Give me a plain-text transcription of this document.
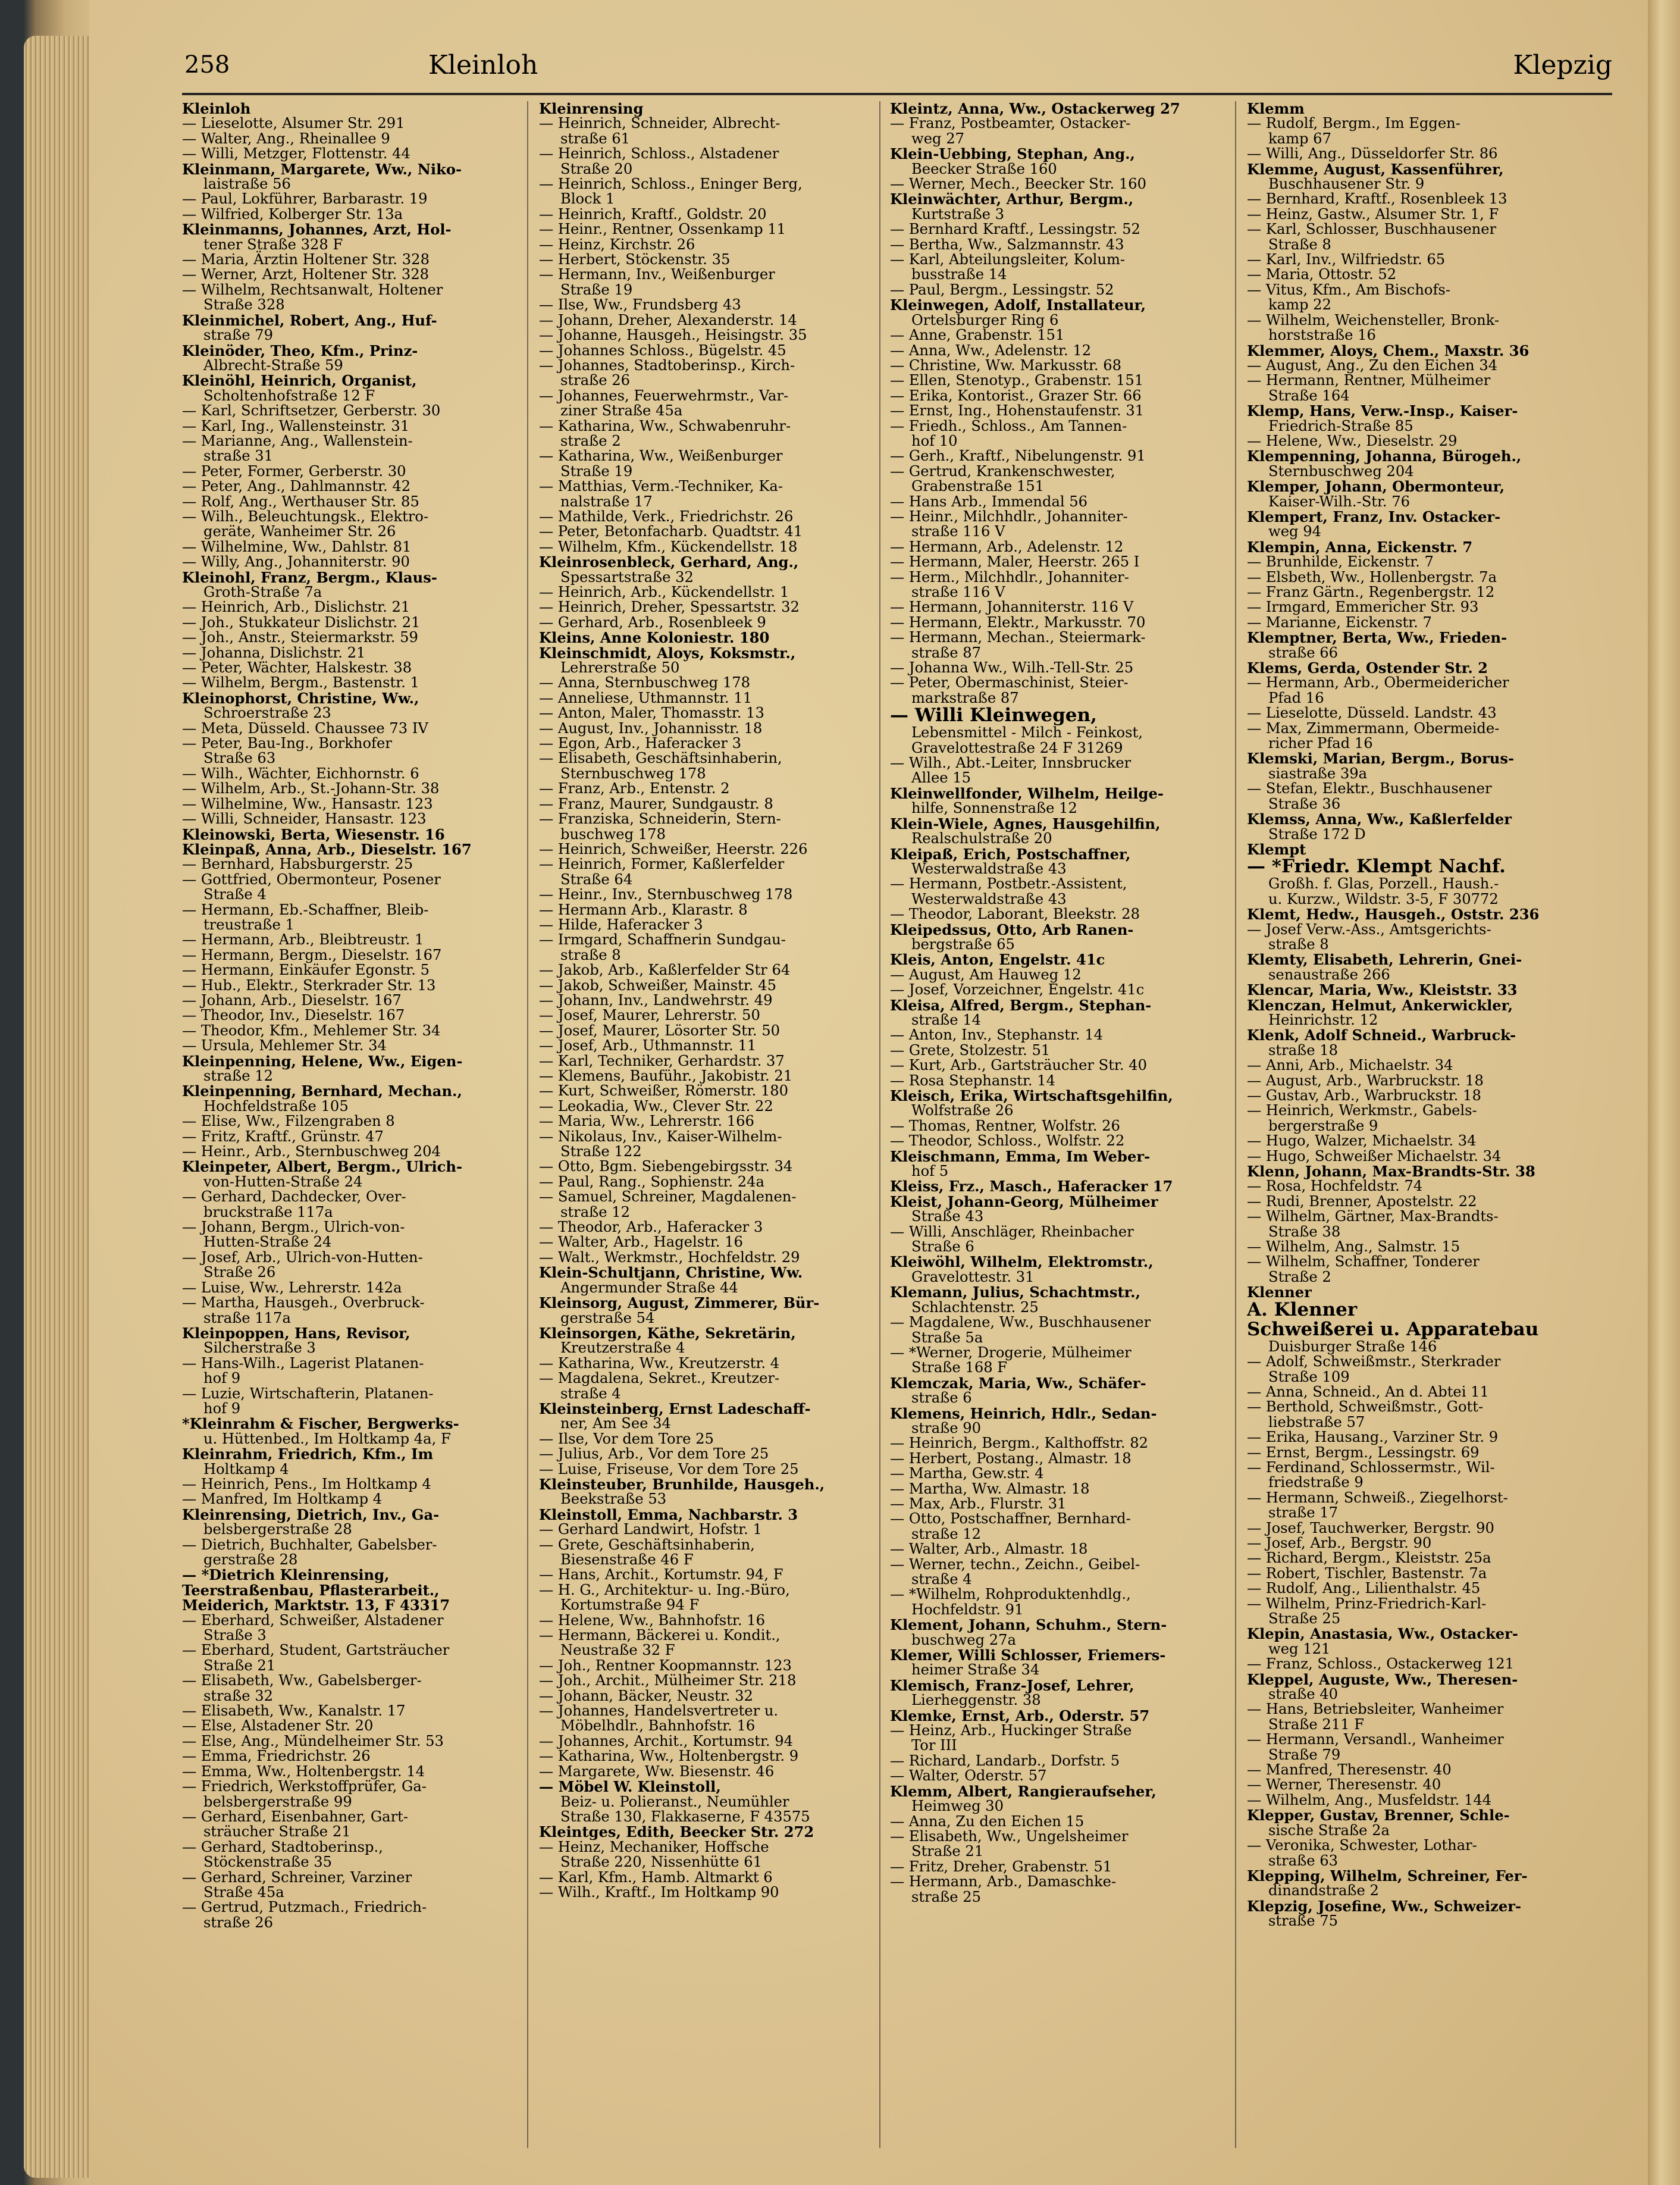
258	Kleinloh	Klepzig

Kleinloh

— Lieselotte, Alsumer Str. 291

— Walter, Ang., Rheinallee 9

— Willi, Metzger, Flottenstr. 44

Kleinmann, Margarete, Ww., Niko-

laistraße 56

— Paul, Lokführer, Barbarastr. 19

— Wilfried, Kolberger Str. 13a

Kleinmanns, Johannes, Arzt, Hol-

tener Straße 328 F

— Maria, Ärztin Holtener Str. 328

— Werner, Arzt, Holtener Str. 328

— Wilhelm, Rechtsanwalt, Holtener

Straße 328

Kleinmichel, Robert, Ang., Huf-

straße 79

Kleinöder, Theo, Kfm., Prinz-

Albrecht-Straße 59

Kleinöhl, Heinrich, Organist,

Scholtenhofstraße 12 F

— Karl, Schriftsetzer, Gerberstr. 30

— Karl, Ing., Wallensteinstr. 31

— Marianne, Ang., Wallenstein-

straße 31

— Peter, Former, Gerberstr. 30

— Peter, Ang., Dahlmannstr. 42

— Rolf, Ang., Werthauser Str. 85

— Wilh., Beleuchtungsk., Elektro-

geräte, Wanheimer Str. 26

— Wilhelmine, Ww., Dahlstr. 81

— Willy, Ang., Johanniterstr. 90

Kleinohl, Franz, Bergm., Klaus-

Groth-Straße 7a

— Heinrich, Arb., Dislichstr. 21

— Joh., Stukkateur Dislichstr. 21

— Joh., Anstr., Steiermarkstr. 59

— Johanna, Dislichstr. 21

— Peter, Wächter, Halskestr. 38

— Wilhelm, Bergm., Bastenstr. 1

Kleinophorst, Christine, Ww.,

Schroerstraße 23

— Meta, Düsseld. Chaussee 73 IV

— Peter, Bau-Ing., Borkhofer

Straße 63

— Wilh., Wächter, Eichhornstr. 6

— Wilhelm, Arb., St.-Johann-Str. 38

— Wilhelmine, Ww., Hansastr. 123

— Willi, Schneider, Hansastr. 123

Kleinowski, Berta, Wiesenstr. 16

Kleinpaß, Anna, Arb., Dieselstr. 167

— Bernhard, Habsburgerstr. 25

— Gottfried, Obermonteur, Posener

Straße 4

— Hermann, Eb.-Schaffner, Bleib-

treustraße 1

— Hermann, Arb., Bleibtreustr. 1

— Hermann, Bergm., Dieselstr. 167

— Hermann, Einkäufer Egonstr. 5

— Hub., Elektr., Sterkrader Str. 13

— Johann, Arb., Dieselstr. 167

— Theodor, Inv., Dieselstr. 167

— Theodor, Kfm., Mehlemer Str. 34

— Ursula, Mehlemer Str. 34

Kleinpenning, Helene, Ww., Eigen-

straße 12

Kleinpenning, Bernhard, Mechan.,

Hochfeldstraße 105

— Elise, Ww., Filzengraben 8

— Fritz, Kraftf., Grünstr. 47

— Heinr., Arb., Sternbuschweg 204

Kleinpeter, Albert, Bergm., Ulrich-

von-Hutten-Straße 24

— Gerhard, Dachdecker, Over-

bruckstraße 117a

— Johann, Bergm., Ulrich-von-

Hutten-Straße 24

— Josef, Arb., Ulrich-von-Hutten-

Straße 26

— Luise, Ww., Lehrerstr. 142a

— Martha, Hausgeh., Overbruck-

straße 117a

Kleinpoppen, Hans, Revisor,

Silcherstraße 3

— Hans-Wilh., Lagerist Platanen-

hof 9

— Luzie, Wirtschafterin, Platanen-

hof 9

*Kleinrahm & Fischer, Bergwerks-

u. Hüttenbed., Im Holtkamp 4a, F

Kleinrahm, Friedrich, Kfm., Im

Holtkamp 4

— Heinrich, Pens., Im Holtkamp 4

— Manfred, Im Holtkamp 4

Kleinrensing, Dietrich, Inv., Ga-

belsbergerstraße 28

— Dietrich, Buchhalter, Gabelsber-

gerstraße 28

— *Dietrich Kleinrensing,

Teerstraßenbau, Pflasterarbeit.,

Meiderich, Marktstr. 13, F 43317

— Eberhard, Schweißer, Alstadener

Straße 3

— Eberhard, Student, Gartsträucher

Straße 21

— Elisabeth, Ww., Gabelsberger-

straße 32

— Elisabeth, Ww., Kanalstr. 17

— Else, Alstadener Str. 20

— Else, Ang., Mündelheimer Str. 53

— Emma, Friedrichstr. 26

— Emma, Ww., Holtenbergstr. 14

— Friedrich, Werkstoffprüfer, Ga-

belsbergerstraße 99

— Gerhard, Eisenbahner, Gart-

sträucher Straße 21

— Gerhard, Stadtoberinsp.,

Stöckenstraße 35

— Gerhard, Schreiner, Varziner

Straße 45a

— Gertrud, Putzmach., Friedrich-

straße 26

Kleinrensing

— Heinrich, Schneider, Albrecht-

straße 61

— Heinrich, Schloss., Alstadener

Straße 20

— Heinrich, Schloss., Eninger Berg,

Block 1

— Heinrich, Kraftf., Goldstr. 20

— Heinr., Rentner, Ossenkamp 11

— Heinz, Kirchstr. 26

— Herbert, Stöckenstr. 35

— Hermann, Inv., Weißenburger

Straße 19

— Ilse, Ww., Frundsberg 43

— Johann, Dreher, Alexanderstr. 14

— Johanne, Hausgeh., Heisingstr. 35

— Johannes Schloss., Bügelstr. 45

— Johannes, Stadtoberinsp., Kirch-

straße 26

— Johannes, Feuerwehrmstr., Var-

ziner Straße 45a

— Katharina, Ww., Schwabenruhr-

straße 2

— Katharina, Ww., Weißenburger

Straße 19

— Matthias, Verm.-Techniker, Ka-

nalstraße 17

— Mathilde, Verk., Friedrichstr. 26

— Peter, Betonfacharb. Quadtstr. 41

— Wilhelm, Kfm., Kückendellstr. 18

Kleinrosenbleck, Gerhard, Ang.,

Spessartstraße 32

— Heinrich, Arb., Kückendellstr. 1

— Heinrich, Dreher, Spessartstr. 32

— Gerhard, Arb., Rosenbleek 9

Kleins, Anne Koloniestr. 180

Kleinschmidt, Aloys, Koksmstr.,

Lehrerstraße 50

— Anna, Sternbuschweg 178

— Anneliese, Uthmannstr. 11

— Anton, Maler, Thomasstr. 13

— August, Inv., Johannisstr. 18

— Egon, Arb., Haferacker 3

— Elisabeth, Geschäftsinhaberin,

Sternbuschweg 178

— Franz, Arb., Entenstr. 2

— Franz, Maurer, Sundgaustr. 8

— Franziska, Schneiderin, Stern-

buschweg 178

— Heinrich, Schweißer, Heerstr. 226

— Heinrich, Former, Kaßlerfelder

Straße 64

— Heinr., Inv., Sternbuschweg 178

— Hermann Arb., Klarastr. 8

— Hilde, Haferacker 3

— Irmgard, Schaffnerin Sundgau-

straße 8

— Jakob, Arb., Kaßlerfelder Str 64

— Jakob, Schweißer, Mainstr. 45

— Johann, Inv., Landwehrstr. 49

— Josef, Maurer, Lehrerstr. 50

— Josef, Maurer, Lösorter Str. 50

— Josef, Arb., Uthmannstr. 11

— Karl, Techniker, Gerhardstr. 37

— Klemens, Bauführ., Jakobistr. 21

— Kurt, Schweißer, Römerstr. 180

— Leokadia, Ww., Clever Str. 22

— Maria, Ww., Lehrerstr. 166

— Nikolaus, Inv., Kaiser-Wilhelm-

Straße 122

— Otto, Bgm. Siebengebirgsstr. 34

— Paul, Rang., Sophienstr. 24a

— Samuel, Schreiner, Magdalenen-

straße 12

— Theodor, Arb., Haferacker 3

— Walter, Arb., Hagelstr. 16

— Walt., Werkmstr., Hochfeldstr. 29

Klein-Schultjann, Christine, Ww.

Angermunder Straße 44

Kleinsorg, August, Zimmerer, Bür-

gerstraße 54

Kleinsorgen, Käthe, Sekretärin,

Kreutzerstraße 4

— Katharina, Ww., Kreutzerstr. 4

— Magdalena, Sekret., Kreutzer-

straße 4

Kleinsteinberg, Ernst Ladeschaff-

ner, Am See 34

— Ilse, Vor dem Tore 25

— Julius, Arb., Vor dem Tore 25

— Luise, Friseuse, Vor dem Tore 25

Kleinsteuber, Brunhilde, Hausgeh.,

Beekstraße 53

Kleinstoll, Emma, Nachbarstr. 3

— Gerhard Landwirt, Hofstr. 1

— Grete, Geschäftsinhaberin,

Biesenstraße 46 F

— Hans, Archit., Kortumstr. 94, F

— H. G., Architektur- u. Ing.-Büro,

Kortumstraße 94 F

— Helene, Ww., Bahnhofstr. 16

— Hermann, Bäckerei u. Kondit.,

Neustraße 32 F

— Joh., Rentner Koopmannstr. 123

— Joh., Archit., Mülheimer Str. 218

— Johann, Bäcker, Neustr. 32

— Johannes, Handelsvertreter u.

Möbelhdlr., Bahnhofstr. 16

— Johannes, Archit., Kortumstr. 94

— Katharina, Ww., Holtenbergstr. 9

— Margarete, Ww. Biesenstr. 46

— Möbel W. Kleinstoll,

Beiz- u. Polieranst., Neumühler

Straße 130, Flakkaserne, F 43575

Kleintges, Edith, Beecker Str. 272

— Heinz, Mechaniker, Hoffsche

Straße 220, Nissenhütte 61

— Karl, Kfm., Hamb. Altmarkt 6

— Wilh., Kraftf., Im Holtkamp 90

Kleintz, Anna, Ww., Ostackerweg 27

— Franz, Postbeamter, Ostacker-

weg 27

Klein-Uebbing, Stephan, Ang.,

Beecker Straße 160

— Werner, Mech., Beecker Str. 160

Kleinwächter, Arthur, Bergm.,

Kurtstraße 3

— Bernhard Kraftf., Lessingstr. 52

— Bertha, Ww., Salzmannstr. 43

— Karl, Abteilungsleiter, Kolum-

busstraße 14

— Paul, Bergm., Lessingstr. 52

Kleinwegen, Adolf, Installateur,

Ortelsburger Ring 6

— Anne, Grabenstr. 151

— Anna, Ww., Adelenstr. 12

— Christine, Ww. Markusstr. 68

— Ellen, Stenotyp., Grabenstr. 151

— Erika, Kontorist., Grazer Str. 66

— Ernst, Ing., Hohenstaufenstr. 31

— Friedh., Schloss., Am Tannen-

hof 10

— Gerh., Kraftf., Nibelungenstr. 91

— Gertrud, Krankenschwester,

Grabenstraße 151

— Hans Arb., Immendal 56

— Heinr., Milchhdlr., Johanniter-

straße 116 V

— Hermann, Arb., Adelenstr. 12

— Hermann, Maler, Heerstr. 265 I

— Herm., Milchhdlr., Johanniter-

straße 116 V

— Hermann, Johanniterstr. 116 V

— Hermann, Elektr., Markusstr. 70

— Hermann, Mechan., Steiermark-

straße 87

— Johanna Ww., Wilh.-Tell-Str. 25

— Peter, Obermaschinist, Steier-

markstraße 87

— Willi Kleinwegen,

Lebensmittel - Milch - Feinkost,

Gravelottestraße 24 F 31269

— Wilh., Abt.-Leiter, Innsbrucker

Allee 15

Kleinwellfonder, Wilhelm, Heilge-

hilfe, Sonnenstraße 12

Klein-Wiele, Agnes, Hausgehilfin,

Realschulstraße 20

Kleipaß, Erich, Postschaffner,

Westerwaldstraße 43

— Hermann, Postbetr.-Assistent,

Westerwaldstraße 43

— Theodor, Laborant, Bleekstr. 28

Kleipedssus, Otto, Arb Ranen-

bergstraße 65

Kleis, Anton, Engelstr. 41c

— August, Am Hauweg 12

— Josef, Vorzeichner, Engelstr. 41c

Kleisa, Alfred, Bergm., Stephan-

straße 14

— Anton, Inv., Stephanstr. 14

— Grete, Stolzestr. 51

— Kurt, Arb., Gartsträucher Str. 40

— Rosa Stephanstr. 14

Kleisch, Erika, Wirtschaftsgehilfin,

Wolfstraße 26

— Thomas, Rentner, Wolfstr. 26

— Theodor, Schloss., Wolfstr. 22

Kleischmann, Emma, Im Weber-

hof 5

Kleiss, Frz., Masch., Haferacker 17

Kleist, Johann-Georg, Mülheimer

Straße 43

— Willi, Anschläger, Rheinbacher

Straße 6

Kleiwöhl, Wilhelm, Elektromstr.,

Gravelottestr. 31

Klemann, Julius, Schachtmstr.,

Schlachtenstr. 25

— Magdalene, Ww., Buschhausener

Straße 5a

— *Werner, Drogerie, Mülheimer

Straße 168 F

Klemczak, Maria, Ww., Schäfer-

straße 6

Klemens, Heinrich, Hdlr., Sedan-

straße 90

— Heinrich, Bergm., Kalthoffstr. 82

— Herbert, Postang., Almastr. 18

— Martha, Gew.str. 4

— Martha, Ww. Almastr. 18

— Max, Arb., Flurstr. 31

— Otto, Postschaffner, Bernhard-

straße 12

— Walter, Arb., Almastr. 18

— Werner, techn., Zeichn., Geibel-

straße 4

— *Wilhelm, Rohproduktenhdlg.,

Hochfeldstr. 91

Klement, Johann, Schuhm., Stern-

buschweg 27a

Klemer, Willi Schlosser, Friemers-

heimer Straße 34

Klemisch, Franz-Josef, Lehrer,

Lierheggenstr. 38

Klemke, Ernst, Arb., Oderstr. 57

— Heinz, Arb., Huckinger Straße

Tor III

— Richard, Landarb., Dorfstr. 5

— Walter, Oderstr. 57

Klemm, Albert, Rangieraufseher,

Heimweg 30

— Anna, Zu den Eichen 15

— Elisabeth, Ww., Ungelsheimer

Straße 21

— Fritz, Dreher, Grabenstr. 51

— Hermann, Arb., Damaschke-

straße 25

Klemm

— Rudolf, Bergm., Im Eggen-

kamp 67

— Willi, Ang., Düsseldorfer Str. 86

Klemme, August, Kassenführer,

Buschhausener Str. 9

— Bernhard, Kraftf., Rosenbleek 13

— Heinz, Gastw., Alsumer Str. 1, F

— Karl, Schlosser, Buschhausener

Straße 8

— Karl, Inv., Wilfriedstr. 65

— Maria, Ottostr. 52

— Vitus, Kfm., Am Bischofs-

kamp 22

— Wilhelm, Weichensteller, Bronk-

horststraße 16

Klemmer, Aloys, Chem., Maxstr. 36

— August, Ang., Zu den Eichen 34

— Hermann, Rentner, Mülheimer

Straße 164

Klemp, Hans, Verw.-Insp., Kaiser-

Friedrich-Straße 85

— Helene, Ww., Dieselstr. 29

Klempenning, Johanna, Bürogeh.,

Sternbuschweg 204

Klemper, Johann, Obermonteur,

Kaiser-Wilh.-Str. 76

Klempert, Franz, Inv. Ostacker-

weg 94

Klempin, Anna, Eickenstr. 7

— Brunhilde, Eickenstr. 7

— Elsbeth, Ww., Hollenbergstr. 7a

— Franz Gärtn., Regenbergstr. 12

— Irmgard, Emmericher Str. 93

— Marianne, Eickenstr. 7

Klemptner, Berta, Ww., Frieden-

straße 66

Klems, Gerda, Ostender Str. 2

— Hermann, Arb., Obermeidericher

Pfad 16

— Lieselotte, Düsseld. Landstr. 43

— Max, Zimmermann, Obermeide-

richer Pfad 16

Klemski, Marian, Bergm., Borus-

siastraße 39a

— Stefan, Elektr., Buschhausener

Straße 36

Klemss, Anna, Ww., Kaßlerfelder

Straße 172 D

Klempt

— *Friedr. Klempt Nachf.

Großh. f. Glas, Porzell., Haush.-

u. Kurzw., Wildstr. 3-5, F 30772

Klemt, Hedw., Hausgeh., Oststr. 236

— Josef Verw.-Ass., Amtsgerichts-

straße 8

Klemty, Elisabeth, Lehrerin, Gnei-

senaustraße 266

Klencar, Maria, Ww., Kleiststr. 33

Klenczan, Helmut, Ankerwickler,

Heinrichstr. 12

Klenk, Adolf Schneid., Warbruck-

straße 18

— Anni, Arb., Michaelstr. 34

— August, Arb., Warbruckstr. 18

— Gustav, Arb., Warbruckstr. 18

— Heinrich, Werkmstr., Gabels-

bergerstraße 9

— Hugo, Walzer, Michaelstr. 34

— Hugo, Schweißer Michaelstr. 34

Klenn, Johann, Max-Brandts-Str. 38

— Rosa, Hochfeldstr. 74

— Rudi, Brenner, Apostelstr. 22

— Wilhelm, Gärtner, Max-Brandts-

Straße 38

— Wilhelm, Ang., Salmstr. 15

— Wilhelm, Schaffner, Tonderer

Straße 2

Klenner

A. Klenner

Schweißerei u. Apparatebau

Duisburger Straße 146

— Adolf, Schweißmstr., Sterkrader

Straße 109

— Anna, Schneid., An d. Abtei 11

— Berthold, Schweißmstr., Gott-

liebstraße 57

— Erika, Hausang., Varziner Str. 9

— Ernst, Bergm., Lessingstr. 69

— Ferdinand, Schlossermstr., Wil-

friedstraße 9

— Hermann, Schweiß., Ziegelhorst-

straße 17

— Josef, Tauchwerker, Bergstr. 90

— Josef, Arb., Bergstr. 90

— Richard, Bergm., Kleiststr. 25a

— Robert, Tischler, Bastenstr. 7a

— Rudolf, Ang., Lilienthalstr. 45

— Wilhelm, Prinz-Friedrich-Karl-

Straße 25

Klepin, Anastasia, Ww., Ostacker-

weg 121

— Franz, Schloss., Ostackerweg 121

Kleppel, Auguste, Ww., Theresen-

straße 40

— Hans, Betriebsleiter, Wanheimer

Straße 211 F

— Hermann, Versandl., Wanheimer

Straße 79

— Manfred, Theresenstr. 40

— Werner, Theresenstr. 40

— Wilhelm, Ang., Musfeldstr. 144

Klepper, Gustav, Brenner, Schle-

sische Straße 2a

— Veronika, Schwester, Lothar-

straße 63

Klepping, Wilhelm, Schreiner, Fer-

dinandstraße 2

Klepzig, Josefine, Ww., Schweizer-

straße 75
